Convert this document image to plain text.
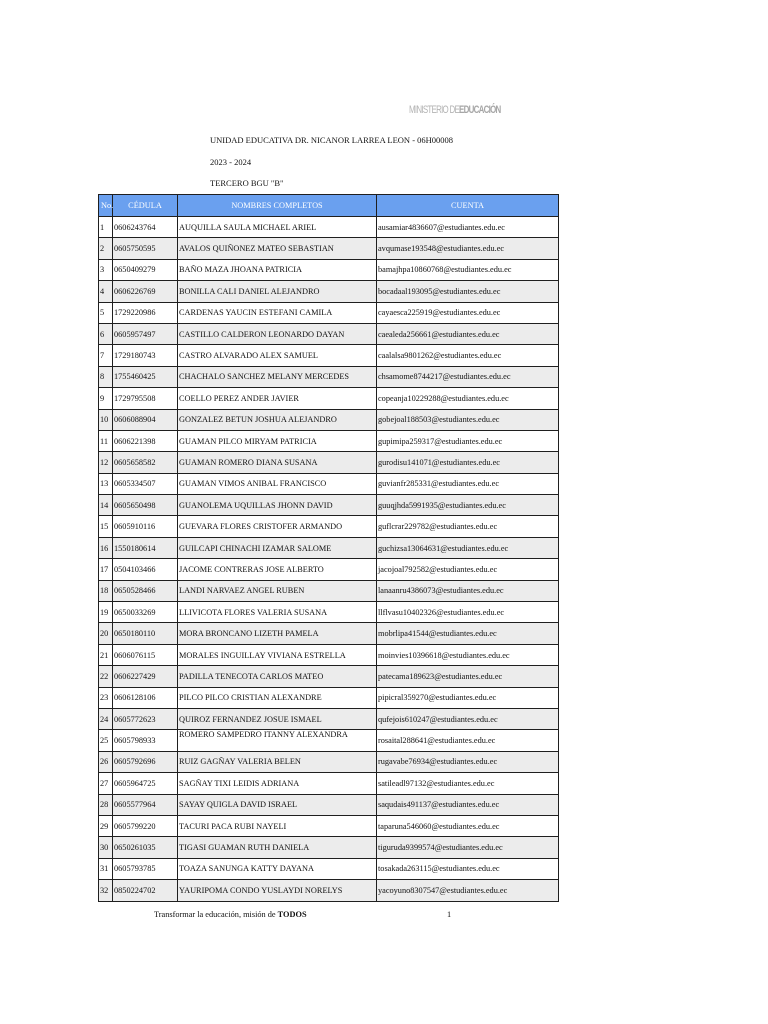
MINISTERIO DEEDUCACIÓN
UNIDAD EDUCATIVA DR. NICANOR LARREA LEON - 06H00008
2023 - 2024
TERCERO BGU "B"
No.	CÉDULA	NOMBRES COMPLETOS	CUENTA
1	0606243764	AUQUILLA SAULA MICHAEL ARIEL	ausamiar4836607@estudiantes.edu.ec
2	0605750595	AVALOS QUIÑONEZ MATEO SEBASTIAN	avqumase193548@estudiantes.edu.ec
3	0650409279	BAÑO MAZA JHOANA PATRICIA	bamajhpa10860768@estudiantes.edu.ec
4	0606226769	BONILLA CALI DANIEL ALEJANDRO	bocadaal193095@estudiantes.edu.ec
5	1729220986	CARDENAS YAUCIN ESTEFANI CAMILA	cayaesca225919@estudiantes.edu.ec
6	0605957497	CASTILLO CALDERON LEONARDO DAYAN	caealeda256661@estudiantes.edu.ec
7	1729180743	CASTRO ALVARADO ALEX SAMUEL	caalalsa9801262@estudiantes.edu.ec
8	1755460425	CHACHALO SANCHEZ MELANY MERCEDES	chsamome8744217@estudiantes.edu.ec
9	1729795508	COELLO PEREZ ANDER JAVIER	copeanja10229288@estudiantes.edu.ec
10	0606088904	GONZALEZ BETUN JOSHUA ALEJANDRO	gobejoal188503@estudiantes.edu.ec
11	0606221398	GUAMAN PILCO MIRYAM PATRICIA	gupimipa259317@estudiantes.edu.ec
12	0605658582	GUAMAN ROMERO DIANA SUSANA	gurodisu141071@estudiantes.edu.ec
13	0605334507	GUAMAN VIMOS ANIBAL FRANCISCO	guvianfr285331@estudiantes.edu.ec
14	0605650498	GUANOLEMA UQUILLAS JHONN DAVID	guuqjhda5991935@estudiantes.edu.ec
15	0605910116	GUEVARA FLORES CRISTOFER ARMANDO	guflcrar229782@estudiantes.edu.ec
16	1550180614	GUILCAPI CHINACHI IZAMAR SALOME	guchizsa13064631@estudiantes.edu.ec
17	0504103466	JACOME CONTRERAS JOSE ALBERTO	jacojoal792582@estudiantes.edu.ec
18	0650528466	LANDI NARVAEZ ANGEL RUBEN	lanaanru4386073@estudiantes.edu.ec
19	0650033269	LLIVICOTA FLORES VALERIA SUSANA	llflvasu10402326@estudiantes.edu.ec
20	0650180110	MORA BRONCANO LIZETH PAMELA	mobrlipa41544@estudiantes.edu.ec
21	0606076115	MORALES INGUILLAY VIVIANA ESTRELLA	moinvies10396618@estudiantes.edu.ec
22	0606227429	PADILLA TENECOTA CARLOS MATEO	patecama189623@estudiantes.edu.ec
23	0606128106	PILCO PILCO CRISTIAN ALEXANDRE	pipicral359270@estudiantes.edu.ec
24	0605772623	QUIROZ FERNANDEZ JOSUE ISMAEL	qufejois610247@estudiantes.edu.ec
25	0605798933	ROMERO SAMPEDRO ITANNY ALEXANDRA	rosaital288641@estudiantes.edu.ec
26	0605792696	RUIZ GAGÑAY VALERIA BELEN	rugavabe76934@estudiantes.edu.ec
27	0605964725	SAGÑAY TIXI LEIDIS ADRIANA	satileadl97132@estudiantes.edu.ec
28	0605577964	SAYAY QUIGLA DAVID ISRAEL	saqudais491137@estudiantes.edu.ec
29	0605799220	TACURI PACA RUBI NAYELI	taparuna546060@estudiantes.edu.ec
30	0650261035	TIGASI GUAMAN RUTH DANIELA	tiguruda9399574@estudiantes.edu.ec
31	0605793785	TOAZA SANUNGA KATTY DAYANA	tosakada263115@estudiantes.edu.ec
32	0850224702	YAURIPOMA CONDO YUSLAYDI NORELYS	yacoyuno8307547@estudiantes.edu.ec
Transformar la educación, misión de TODOS	1
